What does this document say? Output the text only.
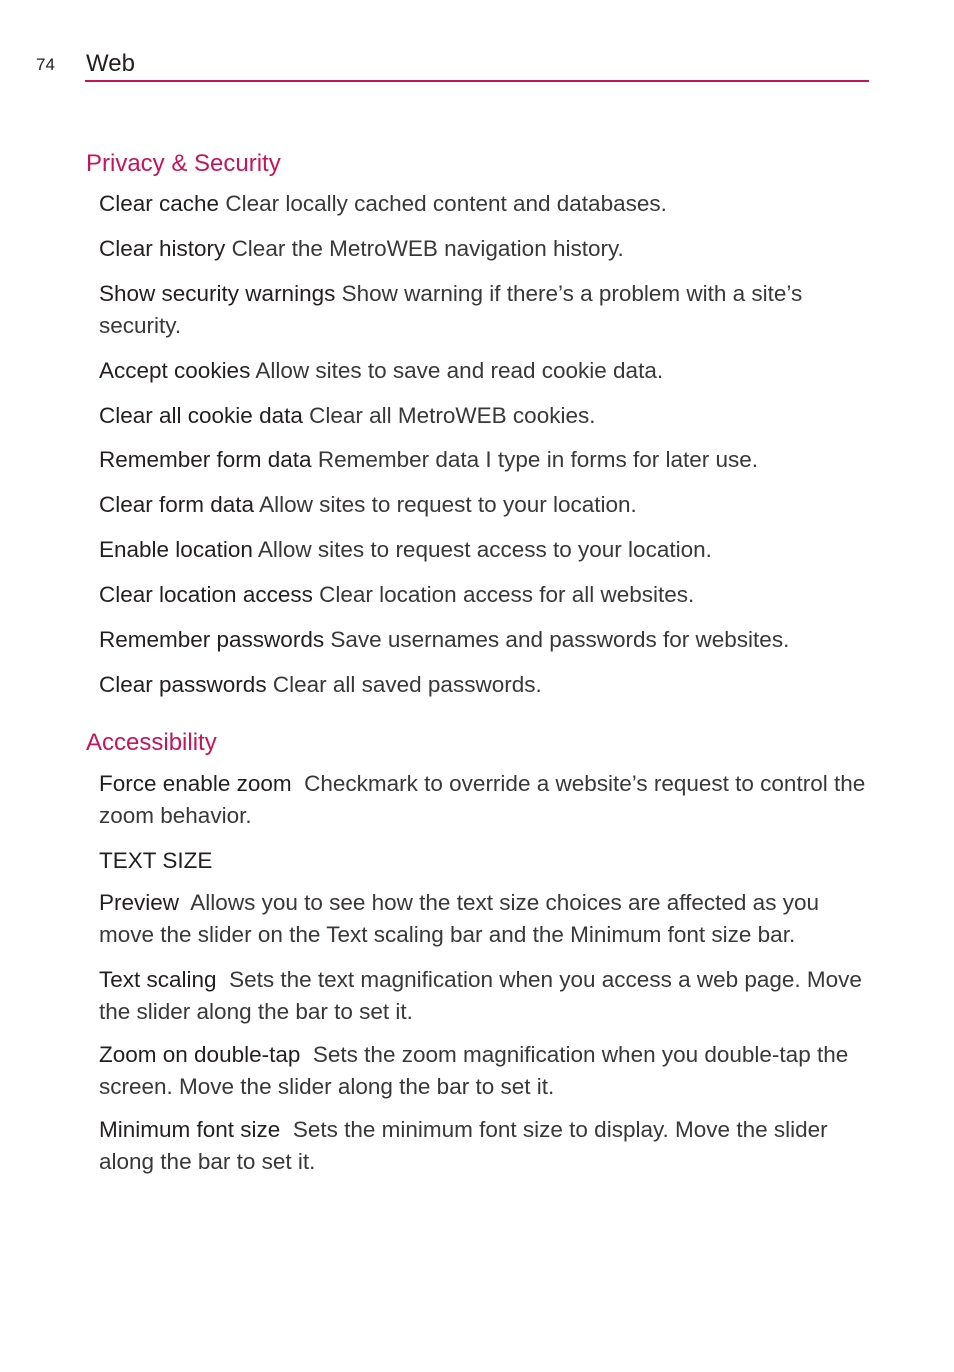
74 Web
Privacy & Security

Clear cache Clear locally cached content and databases.

Clear history Clear the MetroWEB navigation history.

Show security warnings Show warning if there’s a problem with a site’s security.

Accept cookies Allow sites to save and read cookie data.

Clear all cookie data Clear all MetroWEB cookies.

Remember form data Remember data I type in forms for later use.

Clear form data Allow sites to request to your location.

Enable location Allow sites to request access to your location.

Clear location access Clear location access for all websites.

Remember passwords Save usernames and passwords for websites.

Clear passwords Clear all saved passwords.

Accessibility

Force enable zoom Checkmark to override a website’s request to control the zoom behavior.

TEXT SIZE

Preview Allows you to see how the text size choices are affected as you move the slider on the Text scaling bar and the Minimum font size bar.

Text scaling Sets the text magnification when you access a web page. Move the slider along the bar to set it.

Zoom on double-tap Sets the zoom magnification when you double-tap the screen. Move the slider along the bar to set it.

Minimum font size Sets the minimum font size to display. Move the slider along the bar to set it.
